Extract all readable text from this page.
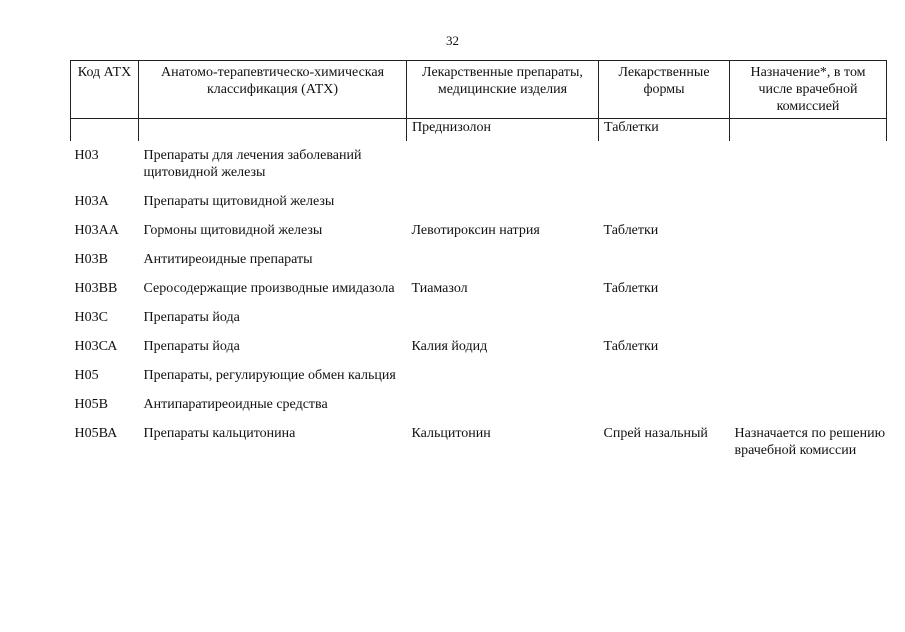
32
Код АТХ	Анатомо-терапевтическо-химическая классификация (АТХ)	Лекарственные препараты, медицинские изделия	Лекарственные формы	Назначение*, в том числе врачебной комиссией
		Преднизолон	Таблетки	
Н03	Препараты для лечения заболеваний щитовидной железы			
Н03А	Препараты щитовидной железы			
Н03АА	Гормоны щитовидной железы	Левотироксин натрия	Таблетки	
Н03В	Антитиреоидные препараты			
Н03ВВ	Серосодержащие производные имидазола	Тиамазол	Таблетки	
Н03С	Препараты йода			
Н03СА	Препараты йода	Калия йодид	Таблетки	
Н05	Препараты, регулирующие обмен кальция			
Н05В	Антипаратиреоидные средства			
Н05ВА	Препараты кальцитонина	Кальцитонин	Спрей назальный	Назначается по решению врачебной комиссии
